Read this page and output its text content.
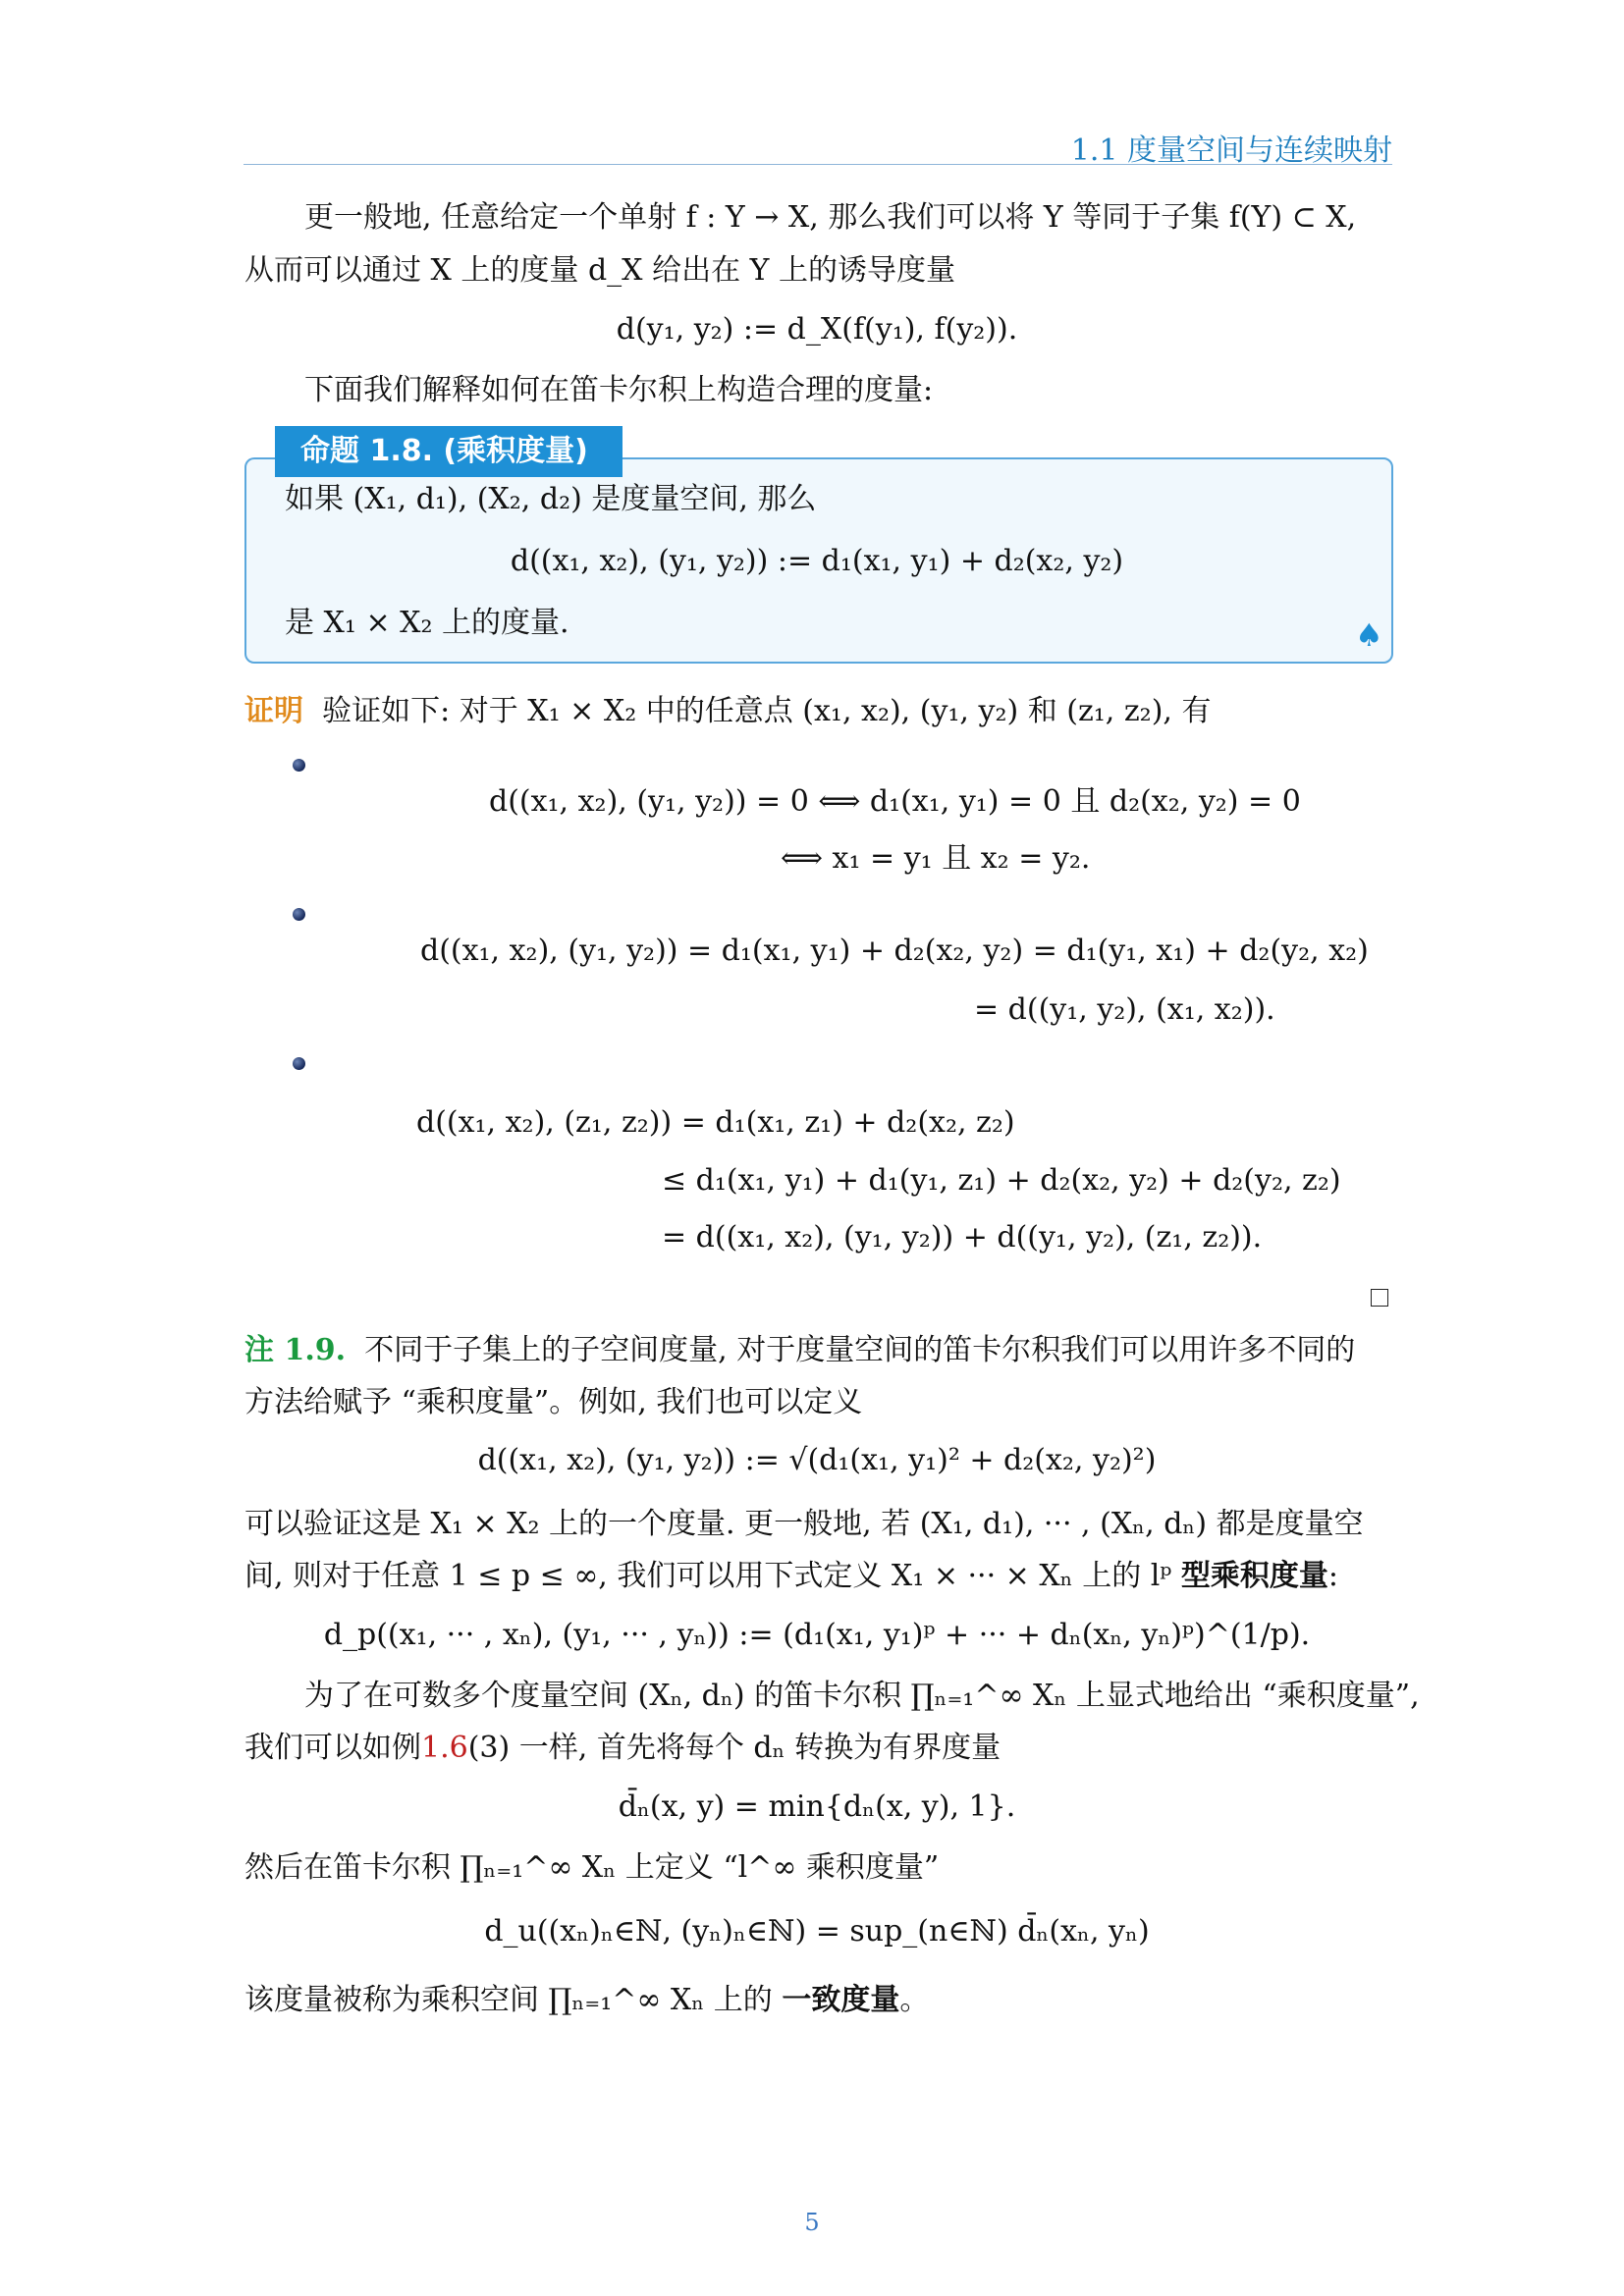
1.1 度量空间与连续映射
更一般地, 任意给定一个单射 f : Y → X, 那么我们可以将 Y 等同于子集 f(Y) ⊂ X,
从而可以通过 X 上的度量 d_X 给出在 Y 上的诱导度量
d(y₁, y₂) := d_X(f(y₁), f(y₂)).
下面我们解释如何在笛卡尔积上构造合理的度量:
命题 1.8. (乘积度量)
如果 (X₁, d₁), (X₂, d₂) 是度量空间, 那么
d((x₁, x₂), (y₁, y₂)) := d₁(x₁, y₁) + d₂(x₂, y₂)
是 X₁ × X₂ 上的度量.	♠
证明 验证如下: 对于 X₁ × X₂ 中的任意点 (x₁, x₂), (y₁, y₂) 和 (z₁, z₂), 有
d((x₁, x₂), (y₁, y₂)) = 0 ⟺ d₁(x₁, y₁) = 0 且 d₂(x₂, y₂) = 0
⟺ x₁ = y₁ 且 x₂ = y₂.
d((x₁, x₂), (y₁, y₂)) = d₁(x₁, y₁) + d₂(x₂, y₂) = d₁(y₁, x₁) + d₂(y₂, x₂)
= d((y₁, y₂), (x₁, x₂)).
d((x₁, x₂), (z₁, z₂)) = d₁(x₁, z₁) + d₂(x₂, z₂)
≤ d₁(x₁, y₁) + d₁(y₁, z₁) + d₂(x₂, y₂) + d₂(y₂, z₂)
= d((x₁, x₂), (y₁, y₂)) + d((y₁, y₂), (z₁, z₂)).
注 1.9. 不同于子集上的子空间度量, 对于度量空间的笛卡尔积我们可以用许多不同的
方法给赋予 “乘积度量”。例如, 我们也可以定义
d((x₁, x₂), (y₁, y₂)) := √(d₁(x₁, y₁)² + d₂(x₂, y₂)²)
可以验证这是 X₁ × X₂ 上的一个度量. 更一般地, 若 (X₁, d₁), ··· , (Xₙ, dₙ) 都是度量空
间, 则对于任意 1 ≤ p ≤ ∞, 我们可以用下式定义 X₁ × ··· × Xₙ 上的 lᵖ 型乘积度量:
d_p((x₁, ··· , xₙ), (y₁, ··· , yₙ)) := (d₁(x₁, y₁)ᵖ + ··· + dₙ(xₙ, yₙ)ᵖ)^(1/p).
为了在可数多个度量空间 (Xₙ, dₙ) 的笛卡尔积 ∏ₙ₌₁^∞ Xₙ 上显式地给出 “乘积度量”,
我们可以如例1.6(3) 一样, 首先将每个 dₙ 转换为有界度量
d̄ₙ(x, y) = min{dₙ(x, y), 1}.
然后在笛卡尔积 ∏ₙ₌₁^∞ Xₙ 上定义 “l^∞ 乘积度量”
d_u((xₙ)ₙ∈ℕ, (yₙ)ₙ∈ℕ) = sup_(n∈ℕ) d̄ₙ(xₙ, yₙ)
该度量被称为乘积空间 ∏ₙ₌₁^∞ Xₙ 上的 一致度量。
5
